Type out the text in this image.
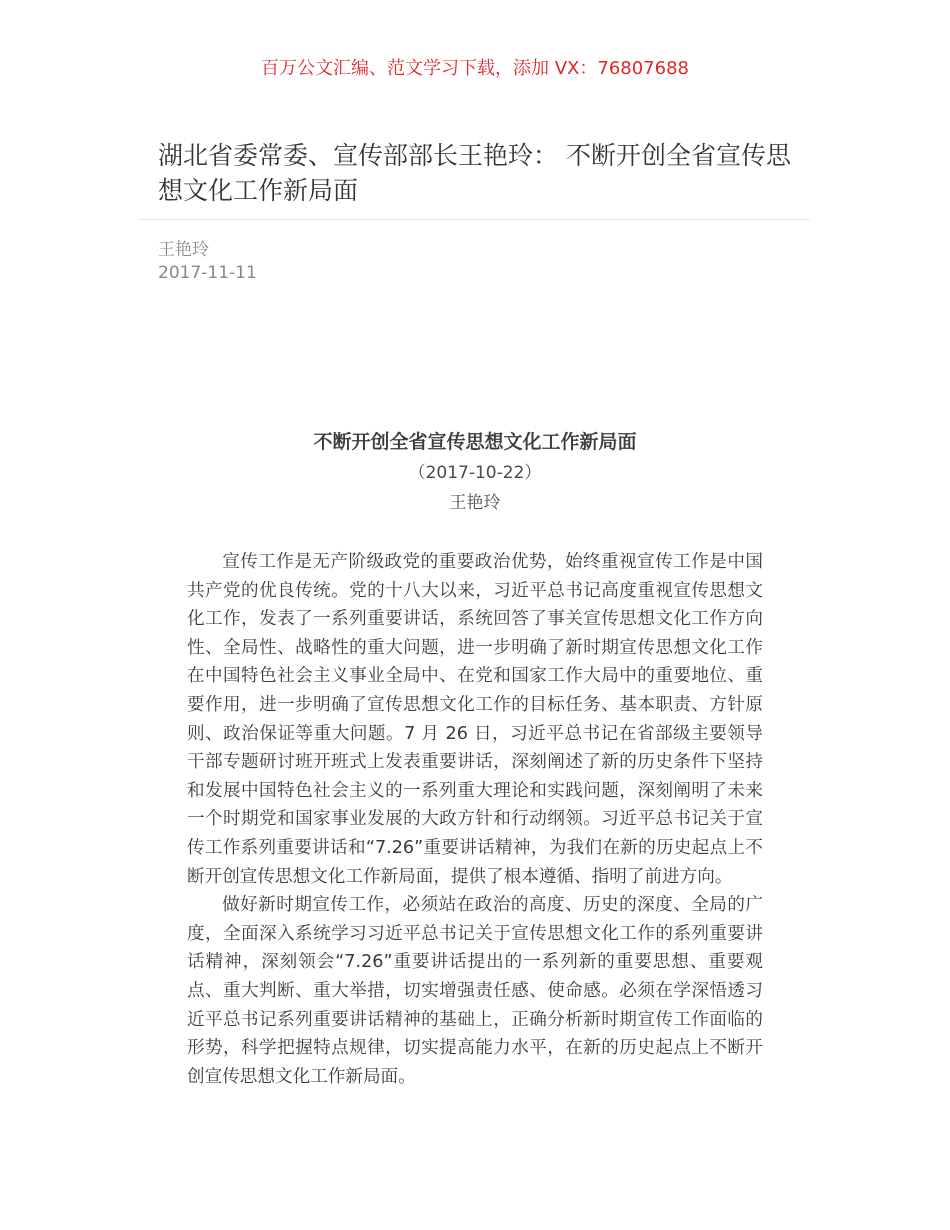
百万公文汇编、范文学习下载，添加 VX：76807688
湖北省委常委、宣传部部长王艳玲： 不断开创全省宣传思想文化工作新局面
王艳玲
2017-11-11
不断开创全省宣传思想文化工作新局面
（2017-10-22）
王艳玲

宣传工作是无产阶级政党的重要政治优势，始终重视宣传工作是中国共产党的优良传统。党的十八大以来，习近平总书记高度重视宣传思想文化工作，发表了一系列重要讲话，系统回答了事关宣传思想文化工作方向性、全局性、战略性的重大问题，进一步明确了新时期宣传思想文化工作在中国特色社会主义事业全局中、在党和国家工作大局中的重要地位、重要作用，进一步明确了宣传思想文化工作的目标任务、基本职责、方针原则、政治保证等重大问题。7 月 26 日，习近平总书记在省部级主要领导干部专题研讨班开班式上发表重要讲话，深刻阐述了新的历史条件下坚持和发展中国特色社会主义的一系列重大理论和实践问题，深刻阐明了未来一个时期党和国家事业发展的大政方针和行动纲领。习近平总书记关于宣传工作系列重要讲话和“7.26”重要讲话精神，为我们在新的历史起点上不断开创宣传思想文化工作新局面，提供了根本遵循、指明了前进方向。

做好新时期宣传工作，必须站在政治的高度、历史的深度、全局的广度，全面深入系统学习习近平总书记关于宣传思想文化工作的系列重要讲话精神，深刻领会“7.26”重要讲话提出的一系列新的重要思想、重要观点、重大判断、重大举措，切实增强责任感、使命感。必须在学深悟透习近平总书记系列重要讲话精神的基础上，正确分析新时期宣传工作面临的形势，科学把握特点规律，切实提高能力水平，在新的历史起点上不断开创宣传思想文化工作新局面。
